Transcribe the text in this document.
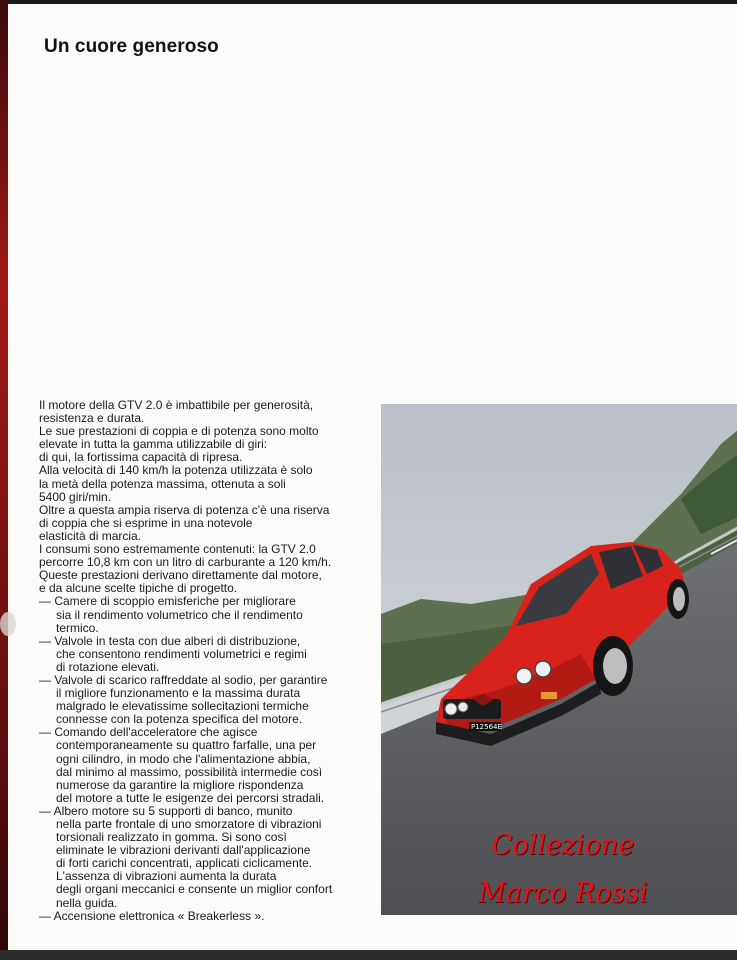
Un cuore generoso
Il motore della GTV 2.0 è imbattibile per generosità,
resistenza e durata.
Le sue prestazioni di coppia e di potenza sono molto
elevate in tutta la gamma utilizzabile di giri:
di qui, la fortissima capacità di ripresa.
Alla velocità di 140 km/h la potenza utilizzata è solo
la metà della potenza massima, ottenuta a soli
5400 giri/min.
Oltre a questa ampia riserva di potenza c'è una riserva
di coppia che si esprime in una notevole
elasticità di marcia.
I consumi sono estremamente contenuti: la GTV 2.0
percorre 10,8 km con un litro di carburante a 120 km/h.
Queste prestazioni derivano direttamente dal motore,
e da alcune scelte tipiche di progetto.
— Camere di scoppio emisferiche per migliorare
sia il rendimento volumetrico che il rendimento
termico.
— Valvole in testa con due alberi di distribuzione,
che consentono rendimenti volumetrici e regimi
di rotazione elevati.
— Valvole di scarico raffreddate al sodio, per garantire
il migliore funzionamento e la massima durata
malgrado le elevatissime sollecitazioni termiche
connesse con la potenza specifica del motore.
— Comando dell'acceleratore che agisce
contemporaneamente su quattro farfalle, una per
ogni cilindro, in modo che l'alimentazione abbia,
dal minimo al massimo, possibilità intermedie così
numerose da garantire la migliore rispondenza
del motore a tutte le esigenze dei percorsi stradali.
— Albero motore su 5 supporti di banco, munito
nella parte frontale di uno smorzatore di vibrazioni
torsionali realizzato in gomma. Si sono così
eliminate le vibrazioni derivanti dall'applicazione
di forti carichi concentrati, applicati ciclicamente.
L'assenza di vibrazioni aumenta la durata
degli organi meccanici e consente un miglior confort
nella guida.
— Accensione elettronica « Breakerless ».
P12564E
Collezione
Marco Rossi
